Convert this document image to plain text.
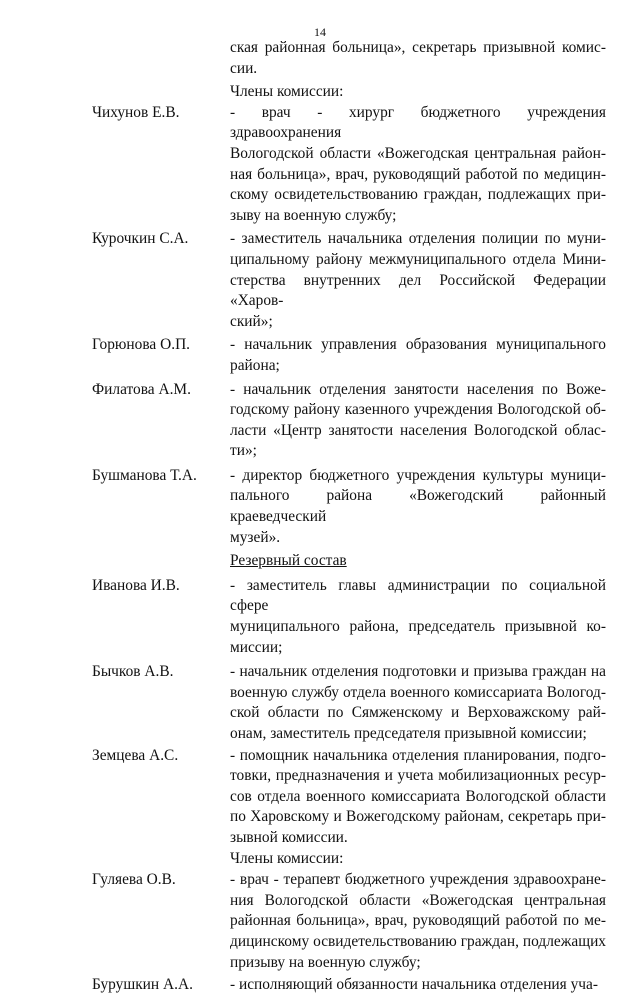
14
ская районная больница», секретарь призывной комис-
сии.
Члены комиссии:
Чихунов Е.В.	- врач - хирург бюджетного учреждения здравоохранения
Вологодской области «Вожегодская центральная район-
ная больница», врач, руководящий работой по медицин-
скому освидетельствованию граждан, подлежащих при-
зыву на военную службу;
Курочкин С.А.	- заместитель начальника отделения полиции по муни-
ципальному району межмуниципального отдела Мини-
стерства внутренних дел Российской Федерации «Харов-
ский»;
Горюнова О.П.	- начальник управления образования муниципального
района;
Филатова А.М.	- начальник отделения занятости населения по Воже-
годскому району казенного учреждения Вологодской об-
ласти «Центр занятости населения Вологодской облас-
ти»;
Бушманова Т.А. - директор бюджетного учреждения культуры муници-
пального района «Вожегодский районный краеведческий
музей».
Резервный состав
Иванова И.В.	- заместитель главы администрации по социальной сфере
муниципального района, председатель призывной ко-
миссии;
Бычков А.В.	- начальник отделения подготовки и призыва граждан на
военную службу отдела военного комиссариата Вологод-
ской области по Сямженскому и Верховажскому рай-
онам, заместитель председателя призывной комиссии;
Земцева А.С.	- помощник начальника отделения планирования, подго-
товки, предназначения и учета мобилизационных ресур-
сов отдела военного комиссариата Вологодской области
по Харовскому и Вожегодскому районам, секретарь при-
зывной комиссии.
Члены комиссии:
Гуляева О.В.	- врач - терапевт бюджетного учреждения здравоохране-
ния Вологодской области «Вожегодская центральная
районная больница», врач, руководящий работой по ме-
дицинскому освидетельствованию граждан, подлежащих
призыву на военную службу;
Бурушкин А.А. - исполняющий обязанности начальника отделения уча-
